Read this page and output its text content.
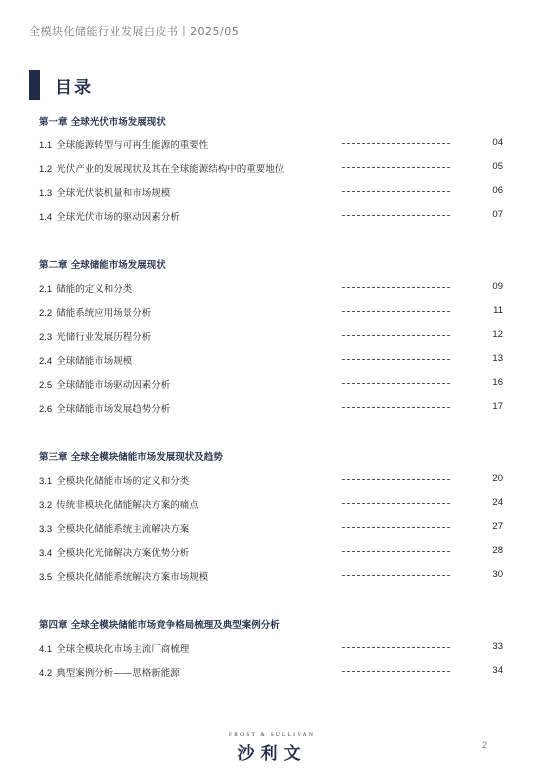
全模块化储能行业发展白皮书丨2025/05
目录
第一章 全球光伏市场发展现状
1.1 全球能源转型与可再生能源的重要性	04
1.2 光伏产业的发展现状及其在全球能源结构中的重要地位	05
1.3 全球光伏装机量和市场规模	06
1.4 全球光伏市场的驱动因素分析	07
第二章 全球储能市场发展现状
2.1 储能的定义和分类	09
2.2 储能系统应用场景分析	11
2.3 光储行业发展历程分析	12
2.4 全球储能市场规模	13
2.5 全球储能市场驱动因素分析	16
2.6 全球储能市场发展趋势分析	17
第三章 全球全模块储能市场发展现状及趋势
3.1 全模块化储能市场的定义和分类	20
3.2 传统非模块化储能解决方案的痛点	24
3.3 全模块化储能系统主流解决方案	27
3.4 全模块化光储解决方案优势分析	28
3.5 全模块化储能系统解决方案市场规模	30
第四章 全球全模块储能市场竞争格局梳理及典型案例分析
4.1 全球全模块化市场主流厂商梳理	33
4.2 典型案例分析——思格新能源	34
FROST & SULLIVAN
沙利文	2
